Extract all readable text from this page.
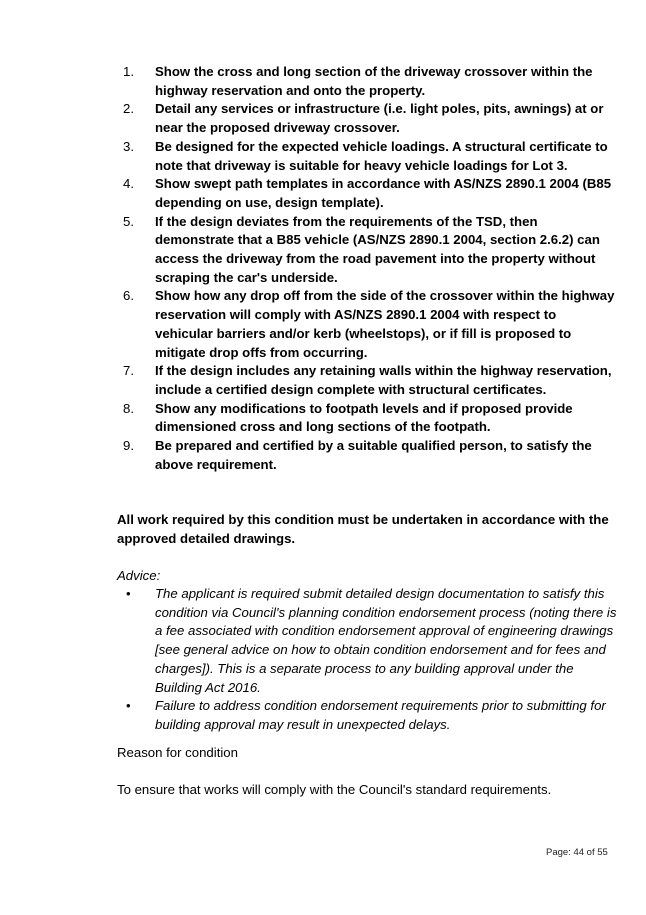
1. Show the cross and long section of the driveway crossover within the highway reservation and onto the property.
2. Detail any services or infrastructure (i.e. light poles, pits, awnings) at or near the proposed driveway crossover.
3. Be designed for the expected vehicle loadings. A structural certificate to note that driveway is suitable for heavy vehicle loadings for Lot 3.
4. Show swept path templates in accordance with AS/NZS 2890.1 2004 (B85 depending on use, design template).
5. If the design deviates from the requirements of the TSD, then demonstrate that a B85 vehicle (AS/NZS 2890.1 2004, section 2.6.2) can access the driveway from the road pavement into the property without scraping the car's underside.
6. Show how any drop off from the side of the crossover within the highway reservation will comply with AS/NZS 2890.1 2004 with respect to vehicular barriers and/or kerb (wheelstops), or if fill is proposed to mitigate drop offs from occurring.
7. If the design includes any retaining walls within the highway reservation, include a certified design complete with structural certificates.
8. Show any modifications to footpath levels and if proposed provide dimensioned cross and long sections of the footpath.
9. Be prepared and certified by a suitable qualified person, to satisfy the above requirement.

All work required by this condition must be undertaken in accordance with the approved detailed drawings.

Advice:

• The applicant is required submit detailed design documentation to satisfy this condition via Council's planning condition endorsement process (noting there is a fee associated with condition endorsement approval of engineering drawings [see general advice on how to obtain condition endorsement and for fees and charges]). This is a separate process to any building approval under the Building Act 2016.
• Failure to address condition endorsement requirements prior to submitting for building approval may result in unexpected delays.

Reason for condition

To ensure that works will comply with the Council's standard requirements.

Page: 44 of 55
